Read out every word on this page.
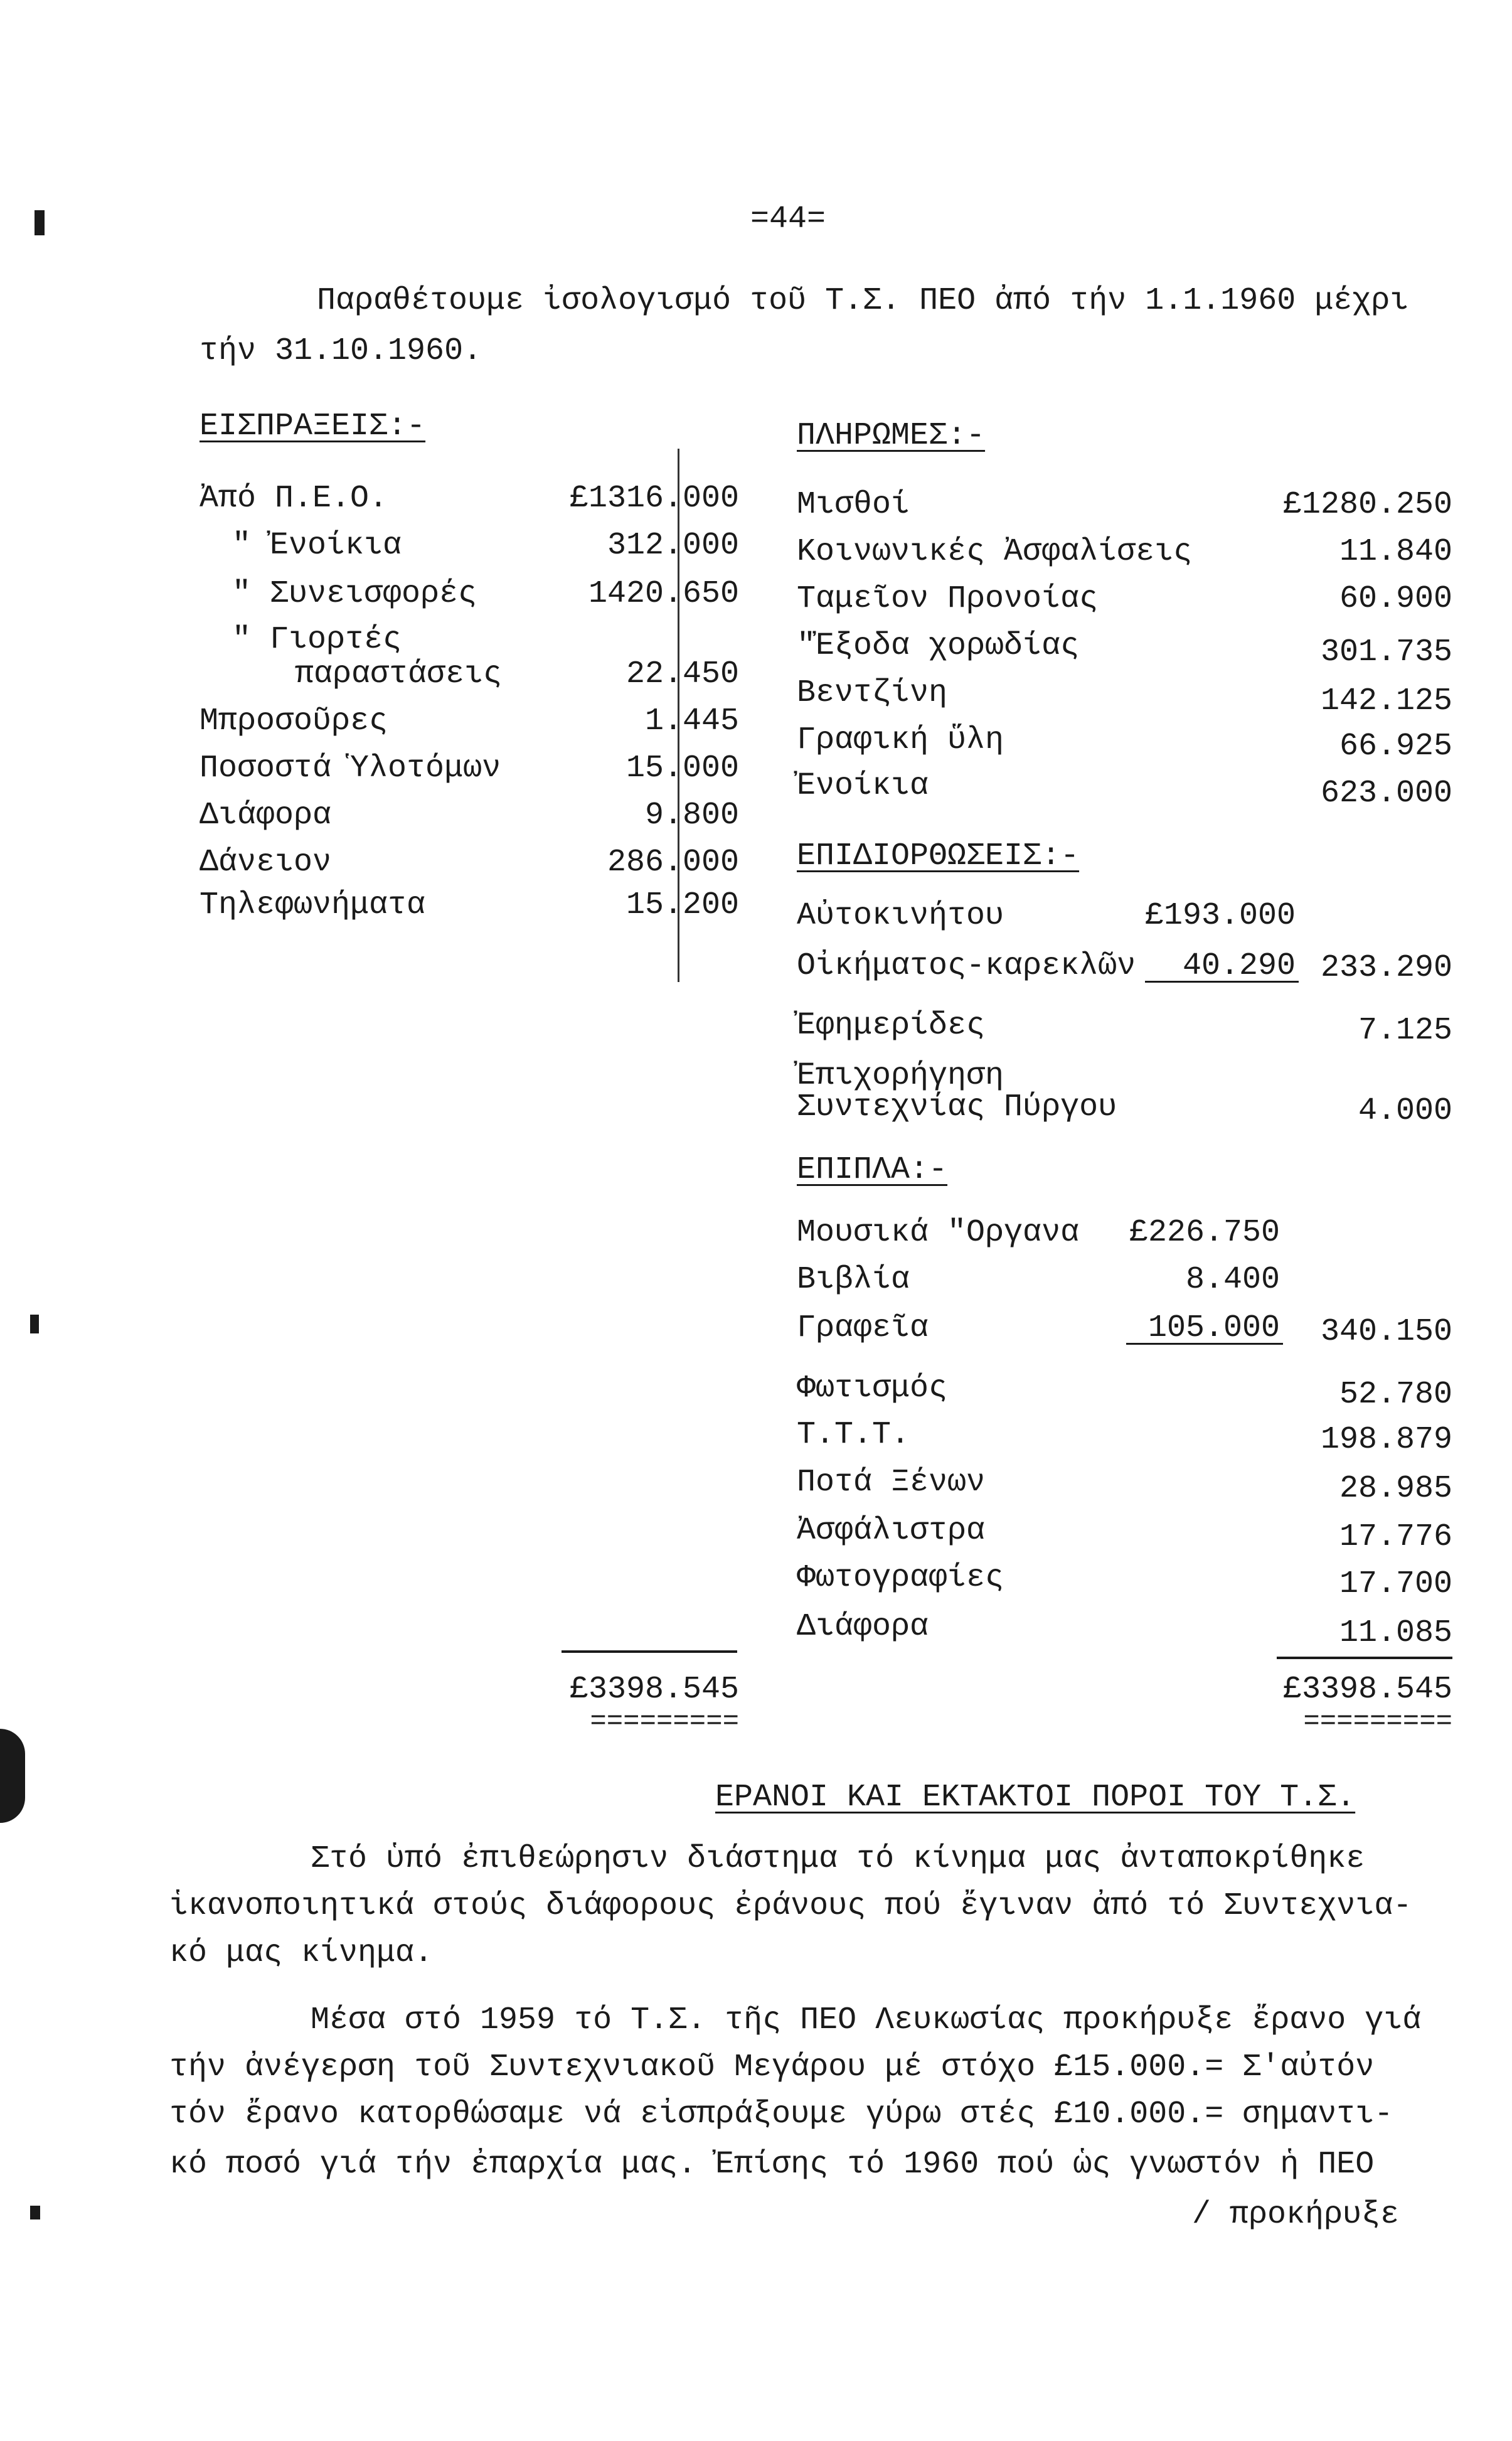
=44=
Παραθέτουμε ἰσολογισμό τοῦ Τ.Σ. ΠΕΟ ἀπό τήν 1.1.1960 μέχρι
τήν 31.10.1960.
ΕΙΣΠΡΑΞΕΙΣ:-
Ἀπό Π.Ε.Ο.	£1316.000
" Ἐνοίκια	312.000
" Συνεισφορές	1420.650
" Γιορτές
παραστάσεις	22.450
Μπροσοῦρες	1.445
Ποσοστά Ὑλοτόμων	15.000
Διάφορα	9.800
Δάνειον	286.000
Τηλεφωνήματα	15.200
£3398.545
=========
ΠΛΗΡΩΜΕΣ:-
Μισθοί	£1280.250
Κοινωνικές Ἀσφαλίσεις	11.840
Ταμεῖον Προνοίας	60.900
"Ἐξοδα χορωδίας	301.735
Βεντζίνη	142.125
Γραφική ὕλη	66.925
Ἐνοίκια	623.000
ΕΠΙΔΙΟΡΘΩΣΕΙΣ:-
Αὐτοκινήτου	£193.000
Οἰκήματος-καρεκλῶν 40.290 233.290
Ἐφημερίδες	7.125
Ἐπιχορήγηση
Συντεχνίας Πύργου	4.000
ΕΠΙΠΛΑ:-
Μουσικά "Οργανα £226.750
Βιβλία	8.400
Γραφεῖα	105.000 340.150
Φωτισμός	52.780
Τ.Τ.Τ.	198.879
Ποτά Ξένων	28.985
Ἀσφάλιστρα	17.776
Φωτογραφίες	17.700
Διάφορα	11.085
£3398.545
=========
ΕΡΑΝΟΙ ΚΑΙ ΕΚΤΑΚΤΟΙ ΠΟΡΟΙ ΤΟΥ Τ.Σ.
Στό ὑπό ἐπιθεώρησιν διάστημα τό κίνημα μας ἀνταποκρίθηκε
ἱκανοποιητικά στούς διάφορους ἐράνους πού ἔγιναν ἀπό τό Συντεχνια-
κό μας κίνημα.
Μέσα στό 1959 τό Τ.Σ. τῆς ΠΕΟ Λευκωσίας προκήρυξε ἔρανο γιά
τήν ἀνέγερση τοῦ Συντεχνιακοῦ Μεγάρου μέ στόχο £15.000.= Σ'αὐτόν
τόν ἔρανο κατορθώσαμε νά εἰσπράξουμε γύρω στές £10.000.= σημαντι-
κό ποσό γιά τήν ἐπαρχία μας. Ἐπίσης τό 1960 πού ὡς γνωστόν ἡ ΠΕΟ
/ προκήρυξε
